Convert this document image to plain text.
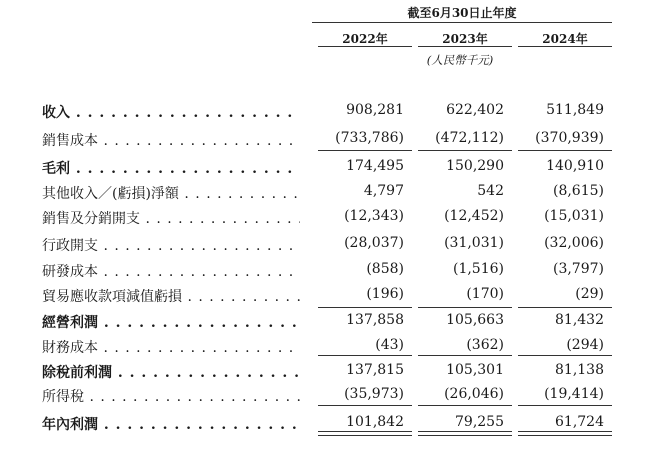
截至6月30日止年度
2022年	2023年	2024年
(人民幣千元)
收入 . . .	908,281	622,402	511,849
銷售成本 . . .	(733,786)	(472,112)	(370,939)
毛利 . . .	174,495	150,290	140,910
其他收入／(虧損)淨額 . . .	4,797	542	(8,615)
銷售及分銷開支 . . .	(12,343)	(12,452)	(15,031)
行政開支 . . .	(28,037)	(31,031)	(32,006)
研發成本 . . .	(858)	(1,516)	(3,797)
貿易應收款項減值虧損 . . .	(196)	(170)	(29)
經營利潤 . . .	137,858	105,663	81,432
財務成本 . . .	(43)	(362)	(294)
除稅前利潤 . . .	137,815	105,301	81,138
所得稅 . . .	(35,973)	(26,046)	(19,414)
年內利潤 . . .	101,842	79,255	61,724
